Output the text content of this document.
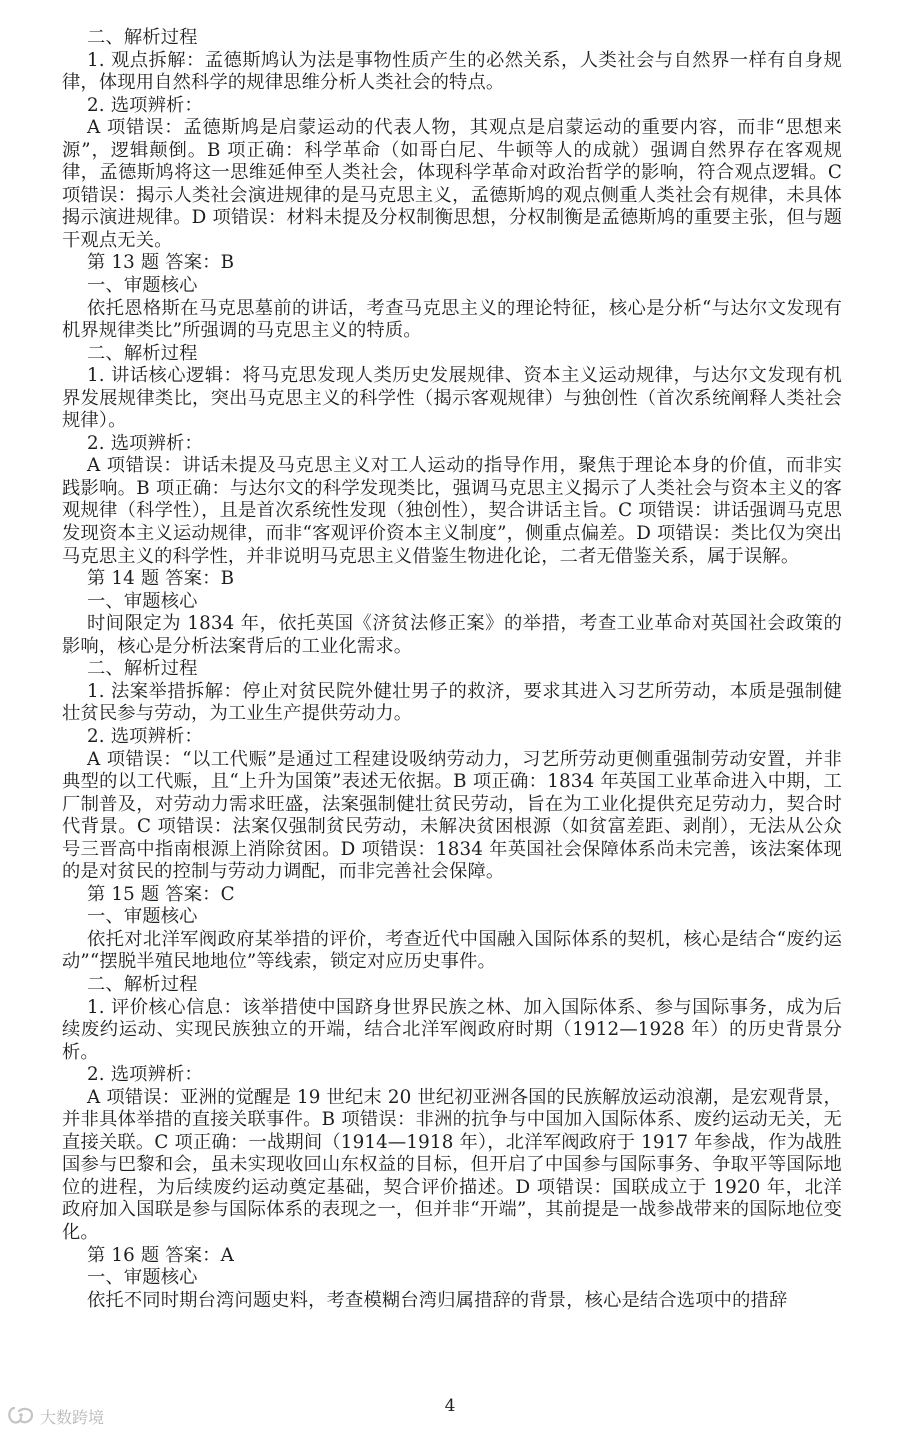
二、解析过程

1. 观点拆解：孟德斯鸠认为法是事物性质产生的必然关系，人类社会与自然界一样有自身规律，体现用自然科学的规律思维分析人类社会的特点。

2. 选项辨析：

A 项错误：孟德斯鸠是启蒙运动的代表人物，其观点是启蒙运动的重要内容，而非“思想来源”，逻辑颠倒。B 项正确：科学革命（如哥白尼、牛顿等人的成就）强调自然界存在客观规律，孟德斯鸠将这一思维延伸至人类社会，体现科学革命对政治哲学的影响，符合观点逻辑。C 项错误：揭示人类社会演进规律的是马克思主义，孟德斯鸠的观点侧重人类社会有规律，未具体揭示演进规律。D 项错误：材料未提及分权制衡思想，分权制衡是孟德斯鸠的重要主张，但与题干观点无关。

第 13 题 答案：B

一、审题核心

依托恩格斯在马克思墓前的讲话，考查马克思主义的理论特征，核心是分析“与达尔文发现有机界规律类比”所强调的马克思主义的特质。

二、解析过程

1. 讲话核心逻辑：将马克思发现人类历史发展规律、资本主义运动规律，与达尔文发现有机界发展规律类比，突出马克思主义的科学性（揭示客观规律）与独创性（首次系统阐释人类社会规律）。

2. 选项辨析：

A 项错误：讲话未提及马克思主义对工人运动的指导作用，聚焦于理论本身的价值，而非实践影响。B 项正确：与达尔文的科学发现类比，强调马克思主义揭示了人类社会与资本主义的客观规律（科学性），且是首次系统性发现（独创性），契合讲话主旨。C 项错误：讲话强调马克思发现资本主义运动规律，而非“客观评价资本主义制度”，侧重点偏差。D 项错误：类比仅为突出马克思主义的科学性，并非说明马克思主义借鉴生物进化论，二者无借鉴关系，属于误解。

第 14 题 答案：B

一、审题核心

时间限定为 1834 年，依托英国《济贫法修正案》的举措，考查工业革命对英国社会政策的影响，核心是分析法案背后的工业化需求。

二、解析过程

1. 法案举措拆解：停止对贫民院外健壮男子的救济，要求其进入习艺所劳动，本质是强制健壮贫民参与劳动，为工业生产提供劳动力。

2. 选项辨析：

A 项错误：“以工代赈”是通过工程建设吸纳劳动力，习艺所劳动更侧重强制劳动安置，并非典型的以工代赈，且“上升为国策”表述无依据。B 项正确：1834 年英国工业革命进入中期，工厂制普及，对劳动力需求旺盛，法案强制健壮贫民劳动，旨在为工业化提供充足劳动力，契合时代背景。C 项错误：法案仅强制贫民劳动，未解决贫困根源（如贫富差距、剥削），无法从公众号三晋高中指南根源上消除贫困。D 项错误：1834 年英国社会保障体系尚未完善，该法案体现的是对贫民的控制与劳动力调配，而非完善社会保障。

第 15 题 答案：C

一、审题核心

依托对北洋军阀政府某举措的评价，考查近代中国融入国际体系的契机，核心是结合“废约运动”“摆脱半殖民地地位”等线索，锁定对应历史事件。

二、解析过程

1. 评价核心信息：该举措使中国跻身世界民族之林、加入国际体系、参与国际事务，成为后续废约运动、实现民族独立的开端，结合北洋军阀政府时期（1912—1928 年）的历史背景分析。

2. 选项辨析：

A 项错误：亚洲的觉醒是 19 世纪末 20 世纪初亚洲各国的民族解放运动浪潮，是宏观背景，并非具体举措的直接关联事件。B 项错误：非洲的抗争与中国加入国际体系、废约运动无关，无直接关联。C 项正确：一战期间（1914—1918 年），北洋军阀政府于 1917 年参战，作为战胜国参与巴黎和会，虽未实现收回山东权益的目标，但开启了中国参与国际事务、争取平等国际地位的进程，为后续废约运动奠定基础，契合评价描述。D 项错误：国联成立于 1920 年，北洋政府加入国联是参与国际体系的表现之一，但并非“开端”，其前提是一战参战带来的国际地位变化。

第 16 题 答案：A

一、审题核心

依托不同时期台湾问题史料，考查模糊台湾归属措辞的背景，核心是结合选项中的措辞

4
大数跨境
